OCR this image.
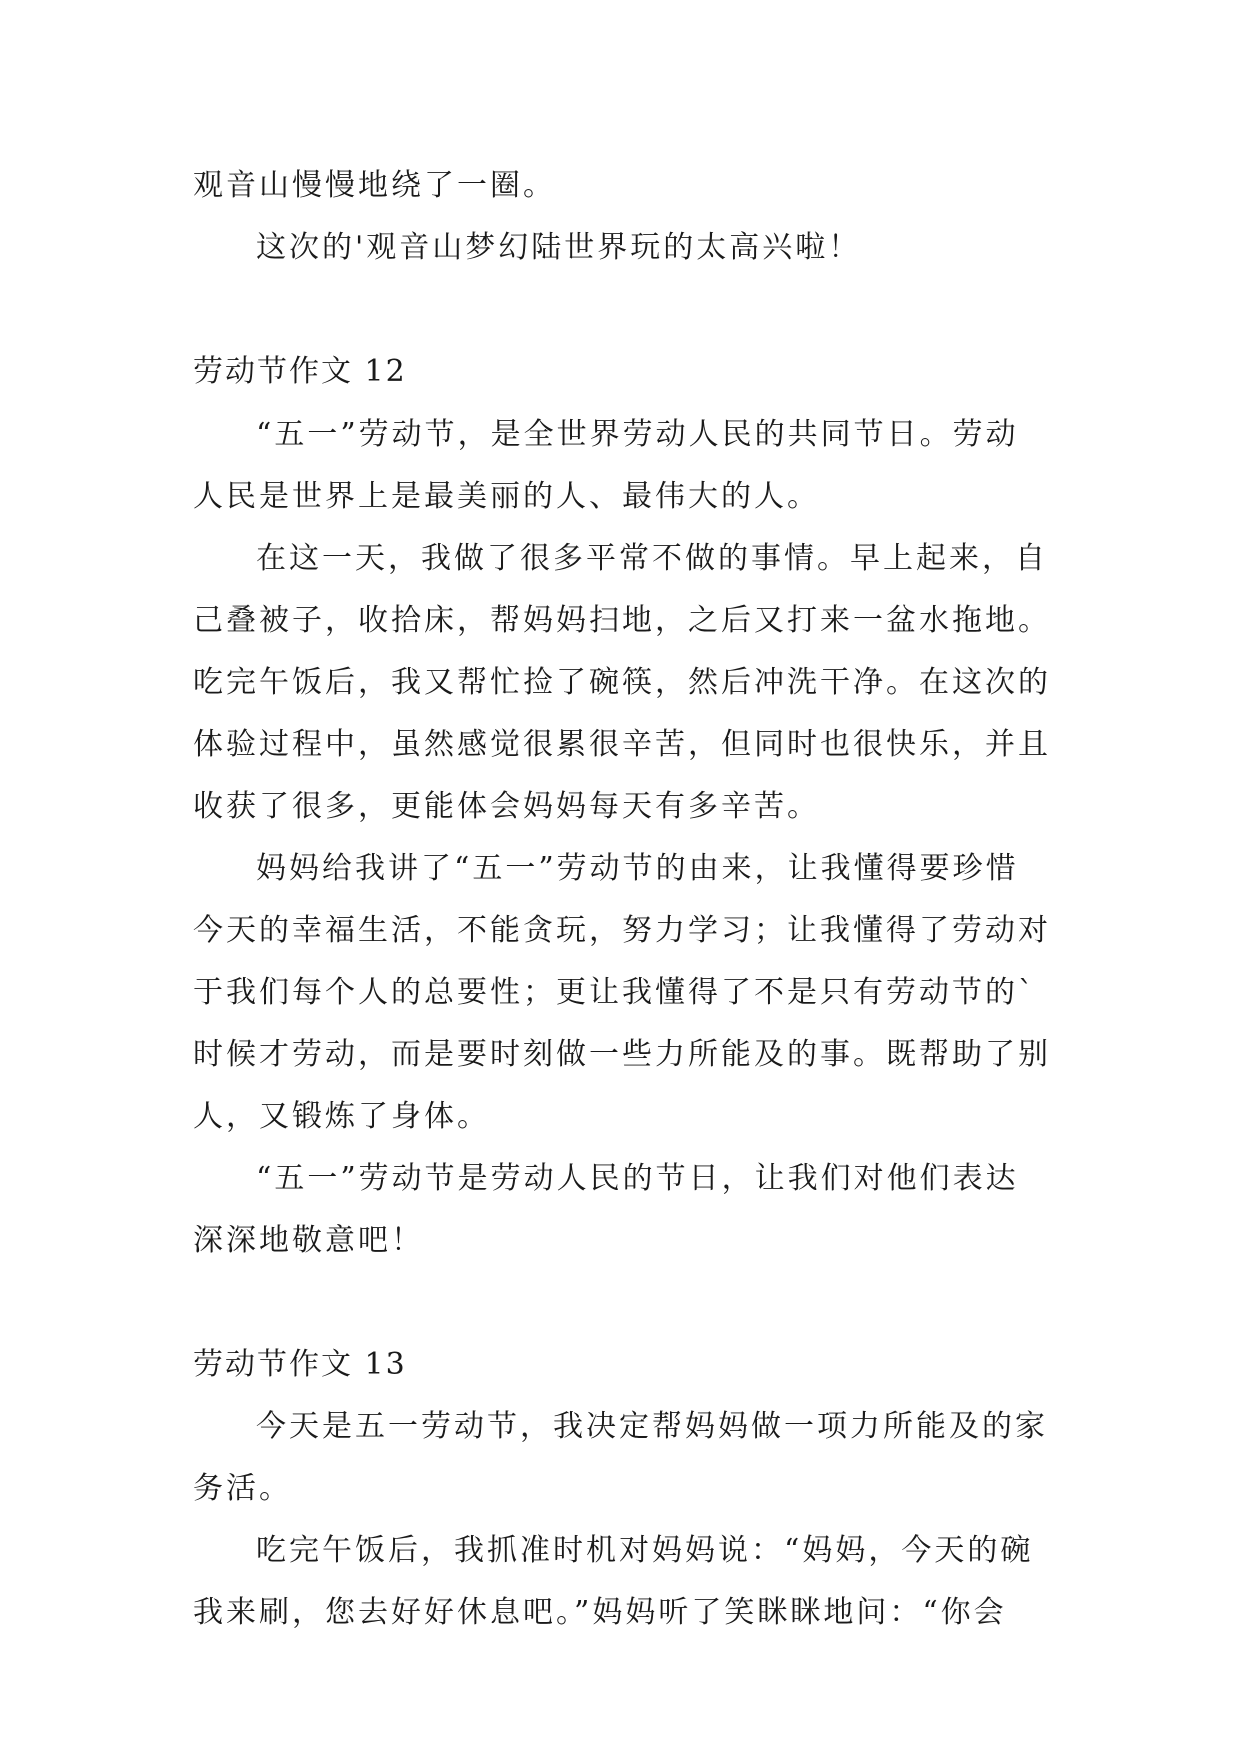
观音山慢慢地绕了一圈。

这次的'观音山梦幻陆世界玩的太高兴啦！

劳动节作文 12

“五一”劳动节，是全世界劳动人民的共同节日。劳动

人民是世界上是最美丽的人、最伟大的人。

在这一天，我做了很多平常不做的事情。早上起来，自

己叠被子，收拾床，帮妈妈扫地，之后又打来一盆水拖地。

吃完午饭后，我又帮忙捡了碗筷，然后冲洗干净。在这次的

体验过程中，虽然感觉很累很辛苦，但同时也很快乐，并且

收获了很多，更能体会妈妈每天有多辛苦。

妈妈给我讲了“五一”劳动节的由来，让我懂得要珍惜

今天的幸福生活，不能贪玩，努力学习；让我懂得了劳动对

于我们每个人的总要性；更让我懂得了不是只有劳动节的`

时候才劳动，而是要时刻做一些力所能及的事。既帮助了别

人，又锻炼了身体。

“五一”劳动节是劳动人民的节日，让我们对他们表达

深深地敬意吧！

劳动节作文 13

今天是五一劳动节，我决定帮妈妈做一项力所能及的家

务活。

吃完午饭后，我抓准时机对妈妈说：“妈妈，今天的碗

我来刷，您去好好休息吧。”妈妈听了笑眯眯地问：“你会
